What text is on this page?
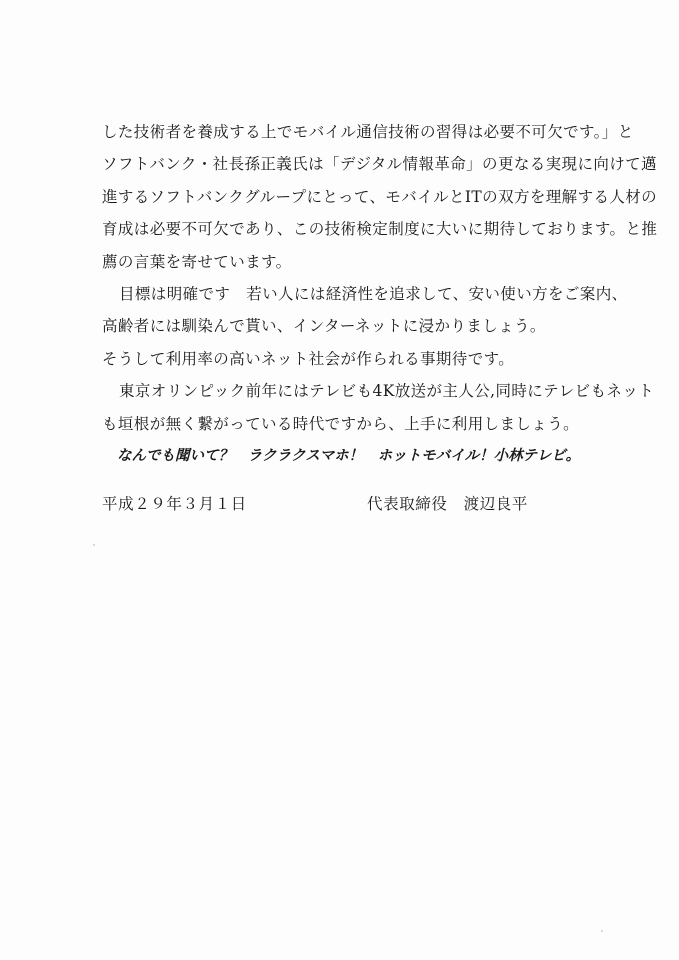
した技術者を養成する上でモバイル通信技術の習得は必要不可欠です。」と
ソフトバンク・社長孫正義氏は「デジタル情報革命」の更なる実現に向けて邁
進するソフトバンクグループにとって、モバイルとITの双方を理解する人材の
育成は必要不可欠であり、この技術検定制度に大いに期待しております。と推
薦の言葉を寄せています。
目標は明確です　若い人には経済性を追求して、安い使い方をご案内、
高齢者には馴染んで貰い、インターネットに浸かりましょう。
そうして利用率の高いネット社会が作られる事期待です。
東京オリンピック前年にはテレビも4K放送が主人公,同時にテレビもネット
も垣根が無く繋がっている時代ですから、上手に利用しましょう。
なんでも聞いて？　ラクラクスマホ！　ホットモバイル！小林テレビ。
平成２９年３月１日	代表取締役　渡辺良平
